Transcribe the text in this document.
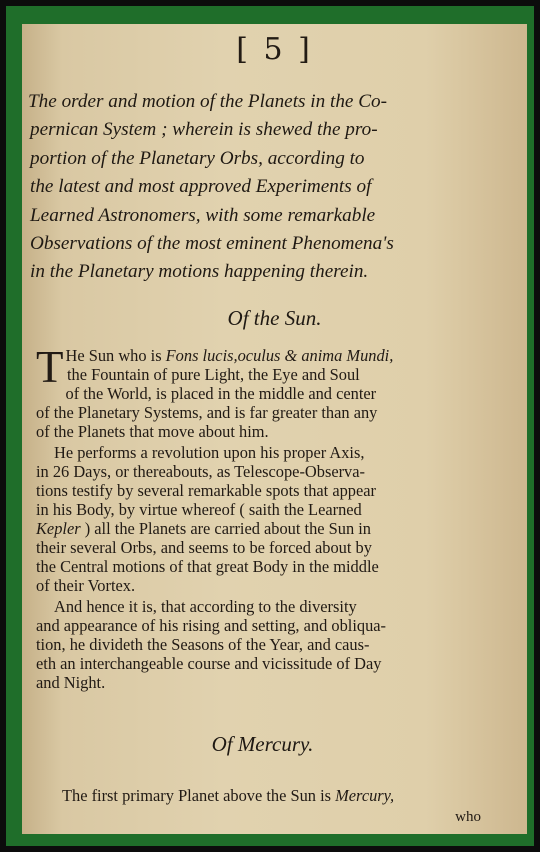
[ 5 ]
The order and motion of the Planets in the Co-
pernican System ; wherein is shewed the pro-
portion of the Planetary Orbs, according to
the latest and most approved Experiments of
Learned Astronomers, with some remarkable
Observations of the most eminent Phenomena's
in the Planetary motions happening therein.
Of the Sun.
T He Sun who is Fons lucis,oculus & anima Mundi,
the Fountain of pure Light, the Eye and Soul
of the World, is placed in the middle and center
of the Planetary Systems, and is far greater than any
of the Planets that move about him.
He performs a revolution upon his proper Axis,
in 26 Days, or thereabouts, as Telescope-Observa-
tions testify by several remarkable spots that appear
in his Body, by virtue whereof ( saith the Learned
Kepler ) all the Planets are carried about the Sun in
their several Orbs, and seems to be forced about by
the Central motions of that great Body in the middle
of their Vortex.
And hence it is, that according to the diversity
and appearance of his rising and setting, and obliqua-
tion, he divideth the Seasons of the Year, and caus-
eth an interchangeable course and vicissitude of Day
and Night.
Of Mercury.
The first primary Planet above the Sun is Mercury,
who
